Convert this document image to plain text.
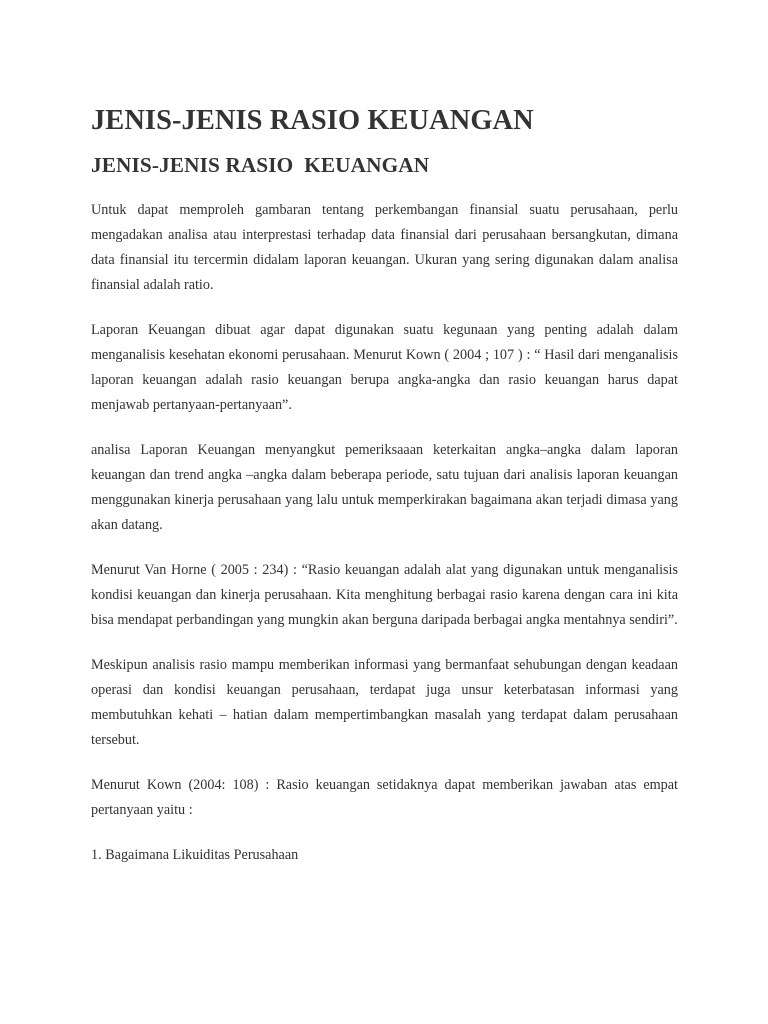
JENIS-JENIS RASIO KEUANGAN
JENIS-JENIS RASIO  KEUANGAN

Untuk dapat memproleh gambaran tentang perkembangan finansial suatu perusahaan, perlu mengadakan analisa atau interprestasi terhadap data finansial dari perusahaan bersangkutan, dimana data finansial itu tercermin didalam laporan keuangan. Ukuran yang sering digunakan dalam analisa finansial adalah ratio.

Laporan Keuangan dibuat agar dapat digunakan suatu kegunaan yang penting adalah dalam menganalisis kesehatan ekonomi perusahaan. Menurut Kown ( 2004 ; 107 ) : “ Hasil dari menganalisis laporan keuangan adalah rasio keuangan berupa angka-angka dan rasio keuangan harus dapat menjawab pertanyaan-pertanyaan”.

analisa Laporan Keuangan menyangkut pemeriksaaan keterkaitan angka–angka dalam laporan keuangan dan trend angka –angka dalam beberapa periode, satu tujuan dari analisis laporan keuangan menggunakan kinerja perusahaan yang lalu untuk memperkirakan bagaimana akan terjadi dimasa yang akan datang.

Menurut Van Horne ( 2005 : 234) : “Rasio keuangan adalah alat yang digunakan untuk menganalisis kondisi keuangan dan kinerja perusahaan. Kita menghitung berbagai rasio karena dengan cara ini kita bisa mendapat perbandingan yang mungkin akan berguna daripada berbagai angka mentahnya sendiri”.

Meskipun analisis rasio mampu memberikan informasi yang bermanfaat sehubungan dengan keadaan operasi dan kondisi keuangan perusahaan, terdapat juga unsur keterbatasan informasi yang membutuhkan kehati – hatian dalam mempertimbangkan masalah yang terdapat dalam perusahaan tersebut.

Menurut Kown (2004: 108) : Rasio keuangan setidaknya dapat memberikan jawaban atas empat pertanyaan yaitu :

1. Bagaimana Likuiditas Perusahaan
